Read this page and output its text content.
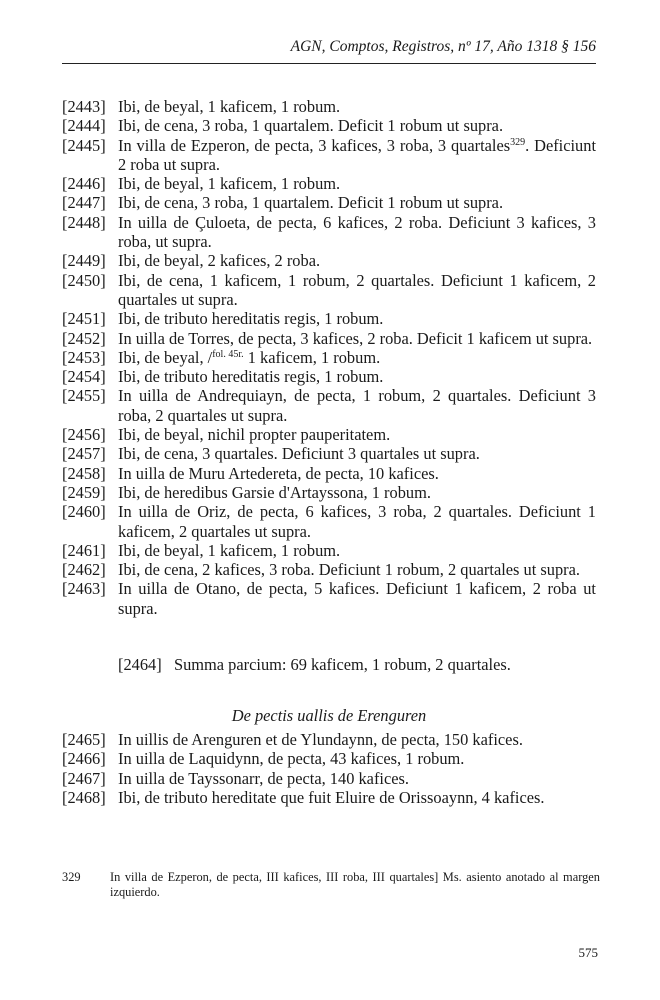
AGN, Comptos, Registros, nº 17, Año 1318 § 156
[2443] Ibi, de beyal, 1 kaficem, 1 robum.
[2444] Ibi, de cena, 3 roba, 1 quartalem. Deficit 1 robum ut supra.
[2445] In villa de Ezperon, de pecta, 3 kafices, 3 roba, 3 quartales$^{329}$. Deficiunt 2 roba ut supra.
[2446] Ibi, de beyal, 1 kaficem, 1 robum.
[2447] Ibi, de cena, 3 roba, 1 quartalem. Deficit 1 robum ut supra.
[2448] In uilla de Çuloeta, de pecta, 6 kafices, 2 roba. Deficiunt 3 kafices, 3 roba, ut supra.
[2449] Ibi, de beyal, 2 kafices, 2 roba.
[2450] Ibi, de cena, 1 kaficem, 1 robum, 2 quartales. Deficiunt 1 kaficem, 2 quartales ut supra.
[2451] Ibi, de tributo hereditatis regis, 1 robum.
[2452] In uilla de Torres, de pecta, 3 kafices, 2 roba. Deficit 1 kaficem ut supra.
[2453] Ibi, de beyal, /$^{fol. 45r.}$ 1 kaficem, 1 robum.
[2454] Ibi, de tributo hereditatis regis, 1 robum.
[2455] In uilla de Andrequiayn, de pecta, 1 robum, 2 quartales. Deficiunt 3 roba, 2 quartales ut supra.
[2456] Ibi, de beyal, nichil propter pauperitatem.
[2457] Ibi, de cena, 3 quartales. Deficiunt 3 quartales ut supra.
[2458] In uilla de Muru Artedereta, de pecta, 10 kafices.
[2459] Ibi, de heredibus Garsie d'Artayssona, 1 robum.
[2460] In uilla de Oriz, de pecta, 6 kafices, 3 roba, 2 quartales. Deficiunt 1 kaficem, 2 quartales ut supra.
[2461] Ibi, de beyal, 1 kaficem, 1 robum.
[2462] Ibi, de cena, 2 kafices, 3 roba. Deficiunt 1 robum, 2 quartales ut supra.
[2463] In uilla de Otano, de pecta, 5 kafices. Deficiunt 1 kaficem, 2 roba ut supra.
[2464] Summa parcium: 69 kaficem, 1 robum, 2 quartales.
De pectis uallis de Erenguren
[2465] In uillis de Arenguren et de Ylundaynn, de pecta, 150 kafices.
[2466] In uilla de Laquidynn, de pecta, 43 kafices, 1 robum.
[2467] In uilla de Tayssonarr, de pecta, 140 kafices.
[2468] Ibi, de tributo hereditate que fuit Eluire de Orissoaynn, 4 kafices.
329	In villa de Ezperon, de pecta, III kafices, III roba, III quartales] Ms. asiento anotado al margen izquierdo.
575
